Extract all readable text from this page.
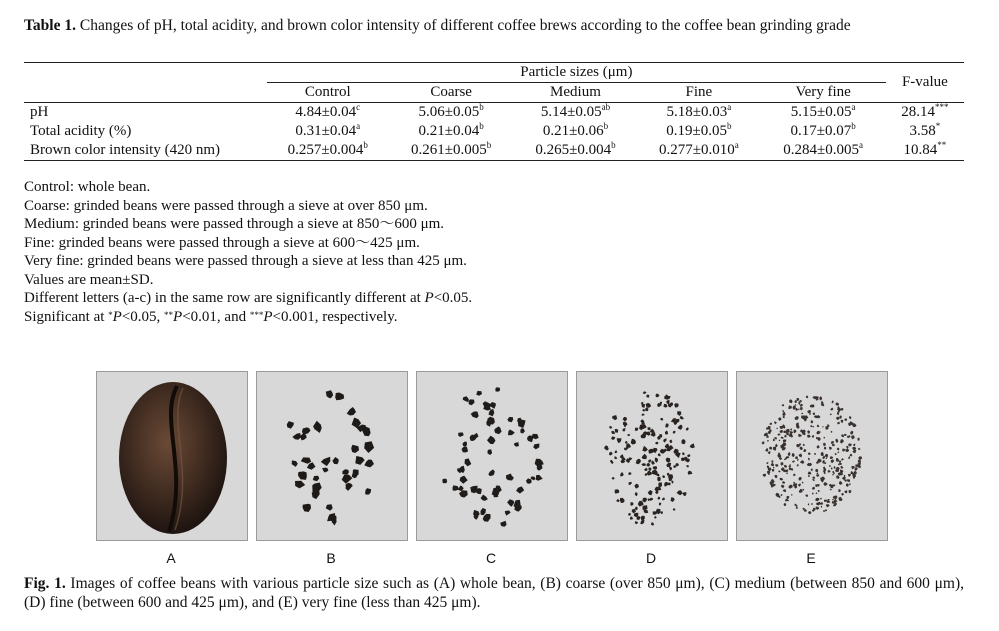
Table 1. Changes of pH, total acidity, and brown color intensity of different coffee brews according to the coffee bean grinding grade
	Particle sizes (μm)					F-value
	Control	Coarse	Medium	Fine	Very fine	
pH	4.84±0.04$^c$	5.06±0.05$^b$	5.14±0.05$^{ab}$	5.18±0.03$^a$	5.15±0.05$^a$	28.14***
Total acidity (%)	0.31±0.04$^a$	0.21±0.04$^b$	0.21±0.06$^b$	0.19±0.05$^b$	0.17±0.07$^b$	3.58*
Brown color intensity (420 nm)	0.257±0.004$^b$	0.261±0.005$^b$	0.265±0.004$^b$	0.277±0.010$^a$	0.284±0.005$^a$	10.84**
Control: whole bean.
Coarse: grinded beans were passed through a sieve at over 850 μm.
Medium: grinded beans were passed through a sieve at 850～600 μm.
Fine: grinded beans were passed through a sieve at 600～425 μm.
Very fine: grinded beans were passed through a sieve at less than 425 μm.
Values are mean±SD.
Different letters (a-c) in the same row are significantly different at P<0.05.
Significant at *P<0.05, **P<0.01, and ***P<0.001, respectively.
A	B	C	D	E
Fig. 1. Images of coffee beans with various particle size such as (A) whole bean, (B) coarse (over 850 μm), (C) medium (between 850 and 600 μm), (D) fine (between 600 and 425 μm), and (E) very fine (less than 425 μm).
